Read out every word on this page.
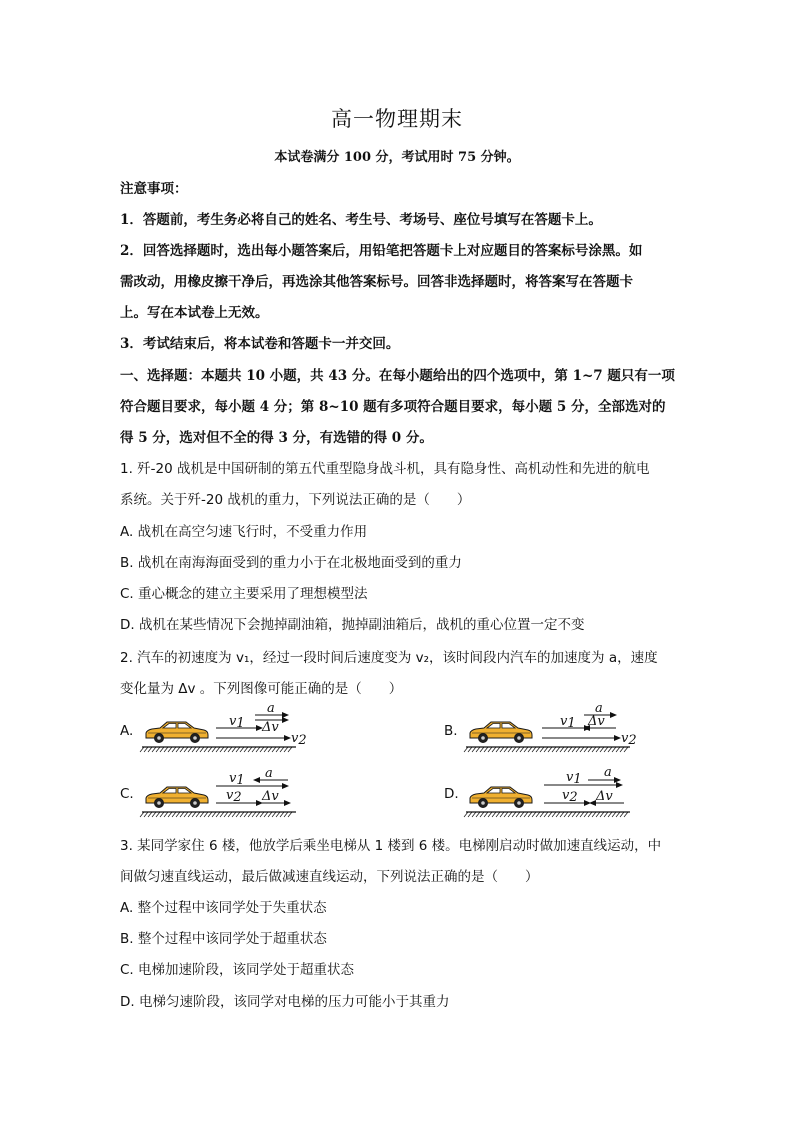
高一物理期末
本试卷满分 100 分，考试用时 75 分钟。
注意事项：
1．答题前，考生务必将自己的姓名、考生号、考场号、座位号填写在答题卡上。
2．回答选择题时，选出每小题答案后，用铅笔把答题卡上对应题目的答案标号涂黑。如
需改动，用橡皮擦干净后，再选涂其他答案标号。回答非选择题时，将答案写在答题卡
上。写在本试卷上无效。
3．考试结束后，将本试卷和答题卡一并交回。
一、选择题：本题共 10 小题，共 43 分。在每小题给出的四个选项中，第 1~7 题只有一项
符合题目要求，每小题 4 分；第 8~10 题有多项符合题目要求，每小题 5 分，全部选对的
得 5 分，选对但不全的得 3 分，有选错的得 0 分。
1. 歼-20 战机是中国研制的第五代重型隐身战斗机，具有隐身性、高机动性和先进的航电
系统。关于歼-20 战机的重力，下列说法正确的是（　　）
A. 战机在高空匀速飞行时，不受重力作用
B. 战机在南海海面受到的重力小于在北极地面受到的重力
C. 重心概念的建立主要采用了理想模型法
D. 战机在某些情况下会抛掉副油箱，抛掉副油箱后，战机的重心位置一定不变
2. 汽车的初速度为 v₁，经过一段时间后速度变为 v₂，该时间段内汽车的加速度为 a，速度
变化量为 Δv 。下列图像可能正确的是（　　）
A.	B.
C.	D.
v1
v2
a
Δv	v1
v2
a
Δv
v1 a
v2 Δv
v1 a
v2 Δv
3. 某同学家住 6 楼，他放学后乘坐电梯从 1 楼到 6 楼。电梯刚启动时做加速直线运动，中
间做匀速直线运动，最后做减速直线运动，下列说法正确的是（　　）
A. 整个过程中该同学处于失重状态
B. 整个过程中该同学处于超重状态
C. 电梯加速阶段，该同学处于超重状态
D. 电梯匀速阶段，该同学对电梯的压力可能小于其重力
